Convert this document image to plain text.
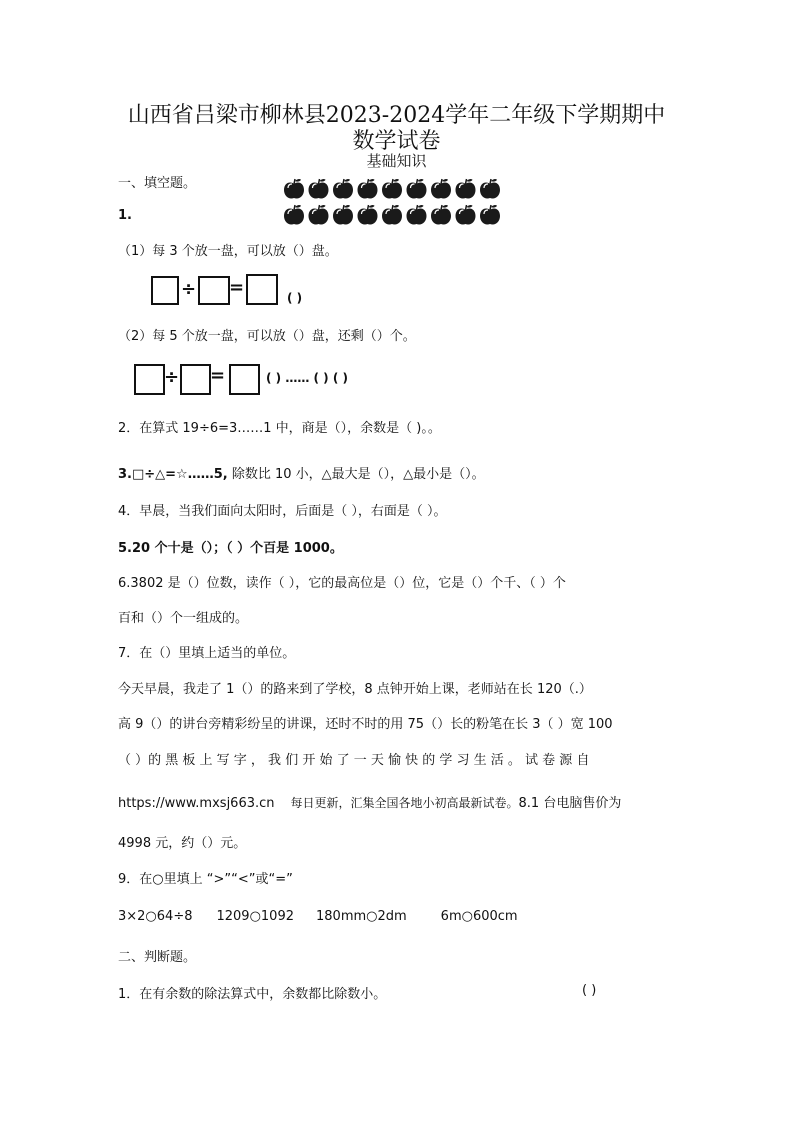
山西省吕梁市柳林县2023-2024学年二年级下学期期中
数学试卷
基础知识
一、填空题。
1.
（1）每 3 个放一盘，可以放（）盘。
÷ =	( )
（2）每 5 个放一盘，可以放（）盘，还剩（）个。
÷ =	( ) …… ( ) ( )
2．在算式 19÷6=3……1 中，商是（），余数是（ )。。
3.□÷△=☆……5, 除数比 10 小，△最大是（），△最小是（）。
4．早晨，当我们面向太阳时，后面是（ ），右面是（ ）。
5.20 个十是（）；（ ）个百是 1000。
6.3802 是（）位数，读作（ ），它的最高位是（）位，它是（）个千、（ ）个
百和（）个一组成的。
7．在（）里填上适当的单位。
今天早晨，我走了 1（）的路来到了学校，8 点钟开始上课，老师站在长 120（.）
高 9（）的讲台旁精彩纷呈的讲课，还时不时的用 75（）长的粉笔在长 3（ ）宽 100
（ ）的 黑 板 上 写 字 ， 我 们 开 始 了 一 天 愉 快 的 学 习 生 活 。 试 卷 源 自
https://www.mxsj663.cn 每日更新，汇集全国各地小初高最新试卷。8.1 台电脑售价为
4998 元，约（）元。
9．在○里填上 “>”“<”或“=”
3×2○64÷8 1209○1092 180mm○2dm	6m○600cm
二、判断题。
1．在有余数的除法算式中，余数都比除数小。	( )
